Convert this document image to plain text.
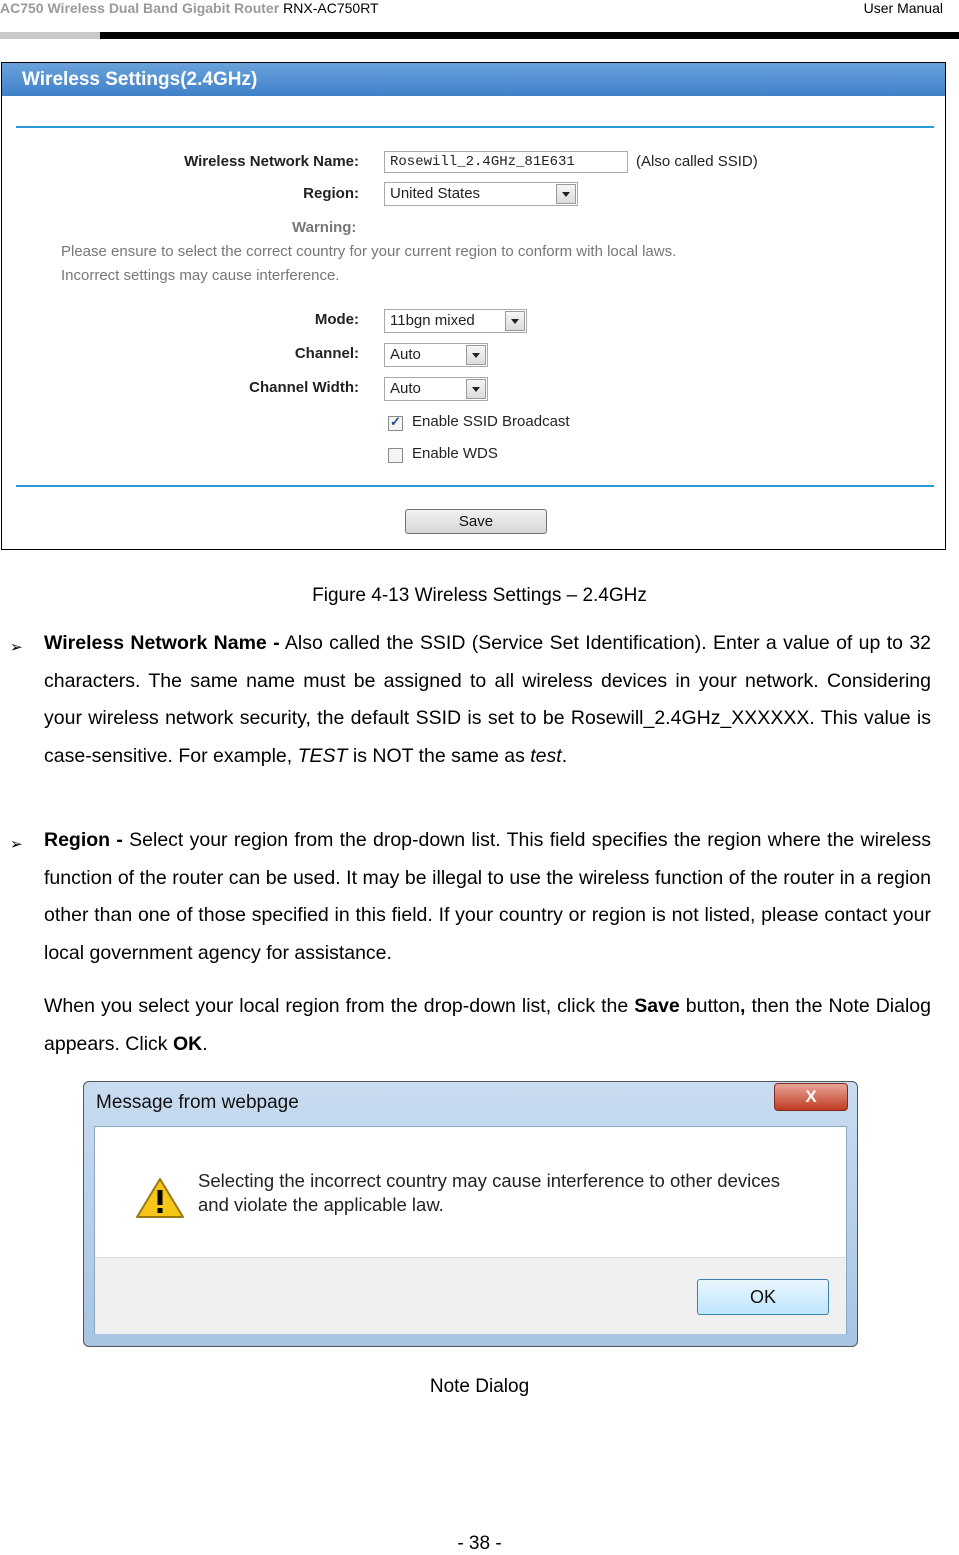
AC750 Wireless Dual Band Gigabit Router RNX-AC750RT	User Manual
Wireless Settings(2.4GHz)
Wireless Network Name:	Rosewill_2.4GHz_81E631	(Also called SSID)
Region:	United States
Warning:
Please ensure to select the correct country for your current region to conform with local laws.
Incorrect settings may cause interference.
Mode:	11bgn mixed
Channel:	Auto
Channel Width:	Auto
✓
Enable SSID Broadcast
Enable WDS
Save
Figure 4-13 Wireless Settings – 2.4GHz
➢ Wireless Network Name - Also called the SSID (Service Set Identification). Enter a value of up to 32 characters. The same name must be assigned to all wireless devices in your network. Considering your wireless network security, the default SSID is set to be Rosewill_2.4GHz_XXXXXX. This value is case-sensitive. For example, TEST is NOT the same as test.
➢ Region - Select your region from the drop-down list. This field specifies the region where the wireless function of the router can be used. It may be illegal to use the wireless function of the router in a region other than one of those specified in this field. If your country or region is not listed, please contact your local government agency for assistance.
When you select your local region from the drop-down list, click the Save button, then the Note Dialog appears. Click OK.
Message from webpage	X
Selecting the incorrect country may cause interference to other devices
and violate the applicable law.
OK
Note Dialog
- 38 -
